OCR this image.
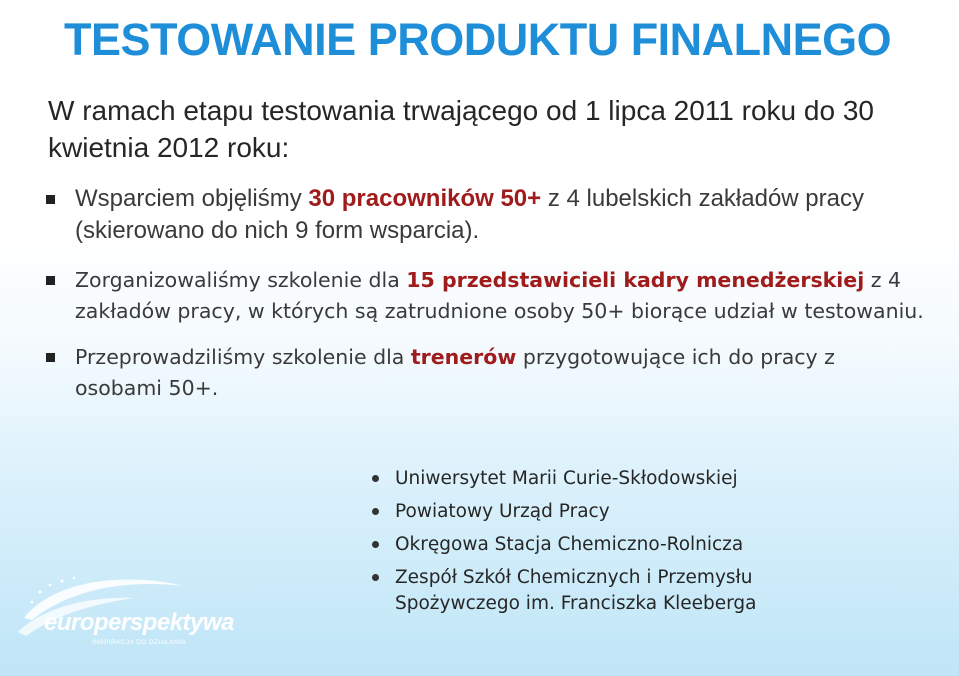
TESTOWANIE PRODUKTU FINALNEGO
W ramach etapu testowania trwającego od 1 lipca 2011 roku do 30 kwietnia 2012 roku:
Wsparciem objęliśmy 30 pracowników 50+ z 4 lubelskich zakładów pracy (skierowano do nich 9 form wsparcia).
Zorganizowaliśmy szkolenie dla 15 przedstawicieli kadry menedżerskiej z 4 zakładów pracy, w których są zatrudnione osoby 50+ biorące udział w testowaniu.
Przeprowadziliśmy szkolenie dla trenerów przygotowujące ich do pracy z osobami 50+.
Uniwersytet Marii Curie-Skłodowskiej
Powiatowy Urząd Pracy
Okręgowa Stacja Chemiczno-Rolnicza
Zespół Szkół Chemicznych i Przemysłu
Spożywczego im. Franciszka Kleeberga
europerspektywa
INSPIRACJA DO DZIAŁANIA
